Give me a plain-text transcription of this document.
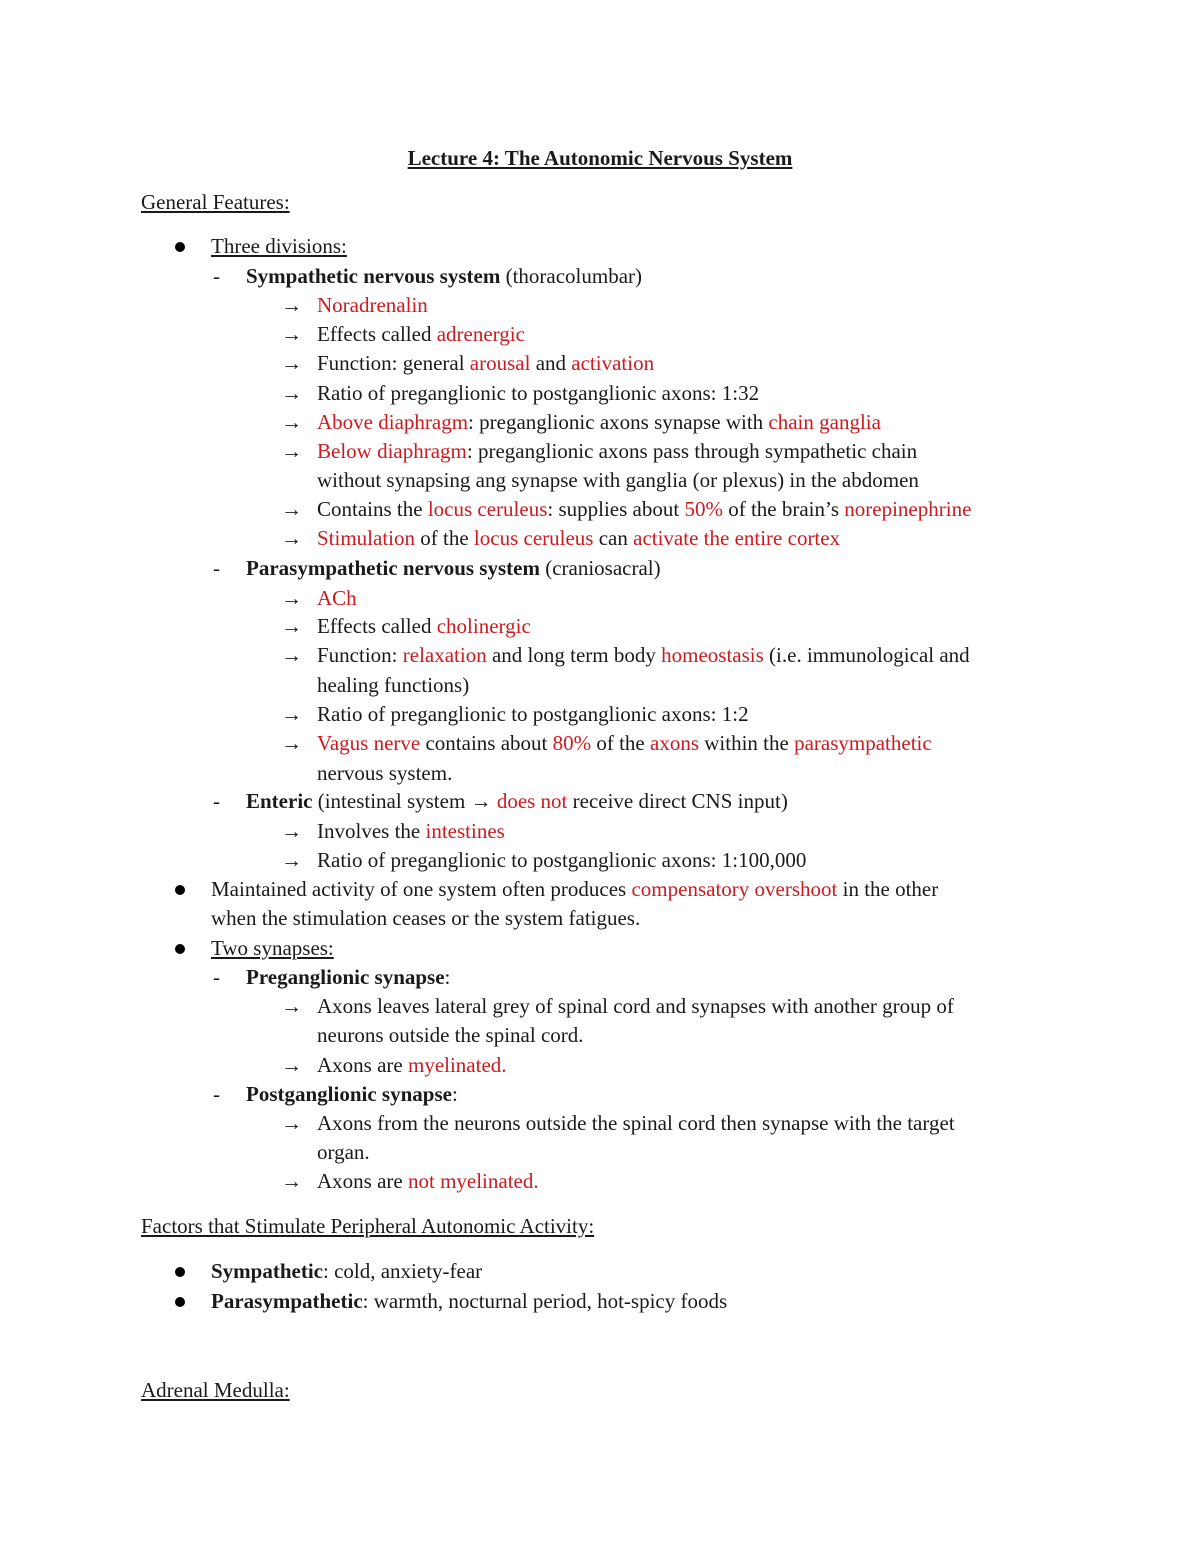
Lecture 4: The Autonomic Nervous System
General Features:
Three divisions:
- Sympathetic nervous system (thoracolumbar)
→ Noradrenalin
→ Effects called adrenergic
→ Function: general arousal and activation
→ Ratio of preganglionic to postganglionic axons: 1:32
→ Above diaphragm: preganglionic axons synapse with chain ganglia
→ Below diaphragm: preganglionic axons pass through sympathetic chain
without synapsing ang synapse with ganglia (or plexus) in the abdomen
→ Contains the locus ceruleus: supplies about 50% of the brain’s norepinephrine
→ Stimulation of the locus ceruleus can activate the entire cortex
- Parasympathetic nervous system (craniosacral)
→ ACh
→ Effects called cholinergic
→ Function: relaxation and long term body homeostasis (i.e. immunological and
healing functions)
→ Ratio of preganglionic to postganglionic axons: 1:2
→ Vagus nerve contains about 80% of the axons within the parasympathetic
nervous system.
- Enteric (intestinal system → does not receive direct CNS input)
→ Involves the intestines
→ Ratio of preganglionic to postganglionic axons: 1:100,000
Maintained activity of one system often produces compensatory overshoot in the other
when the stimulation ceases or the system fatigues.
Two synapses:
- Preganglionic synapse:
→ Axons leaves lateral grey of spinal cord and synapses with another group of
neurons outside the spinal cord.
→ Axons are myelinated.
- Postganglionic synapse:
→ Axons from the neurons outside the spinal cord then synapse with the target
organ.
→ Axons are not myelinated.
Factors that Stimulate Peripheral Autonomic Activity:
Sympathetic: cold, anxiety-fear
Parasympathetic: warmth, nocturnal period, hot-spicy foods
Adrenal Medulla:
